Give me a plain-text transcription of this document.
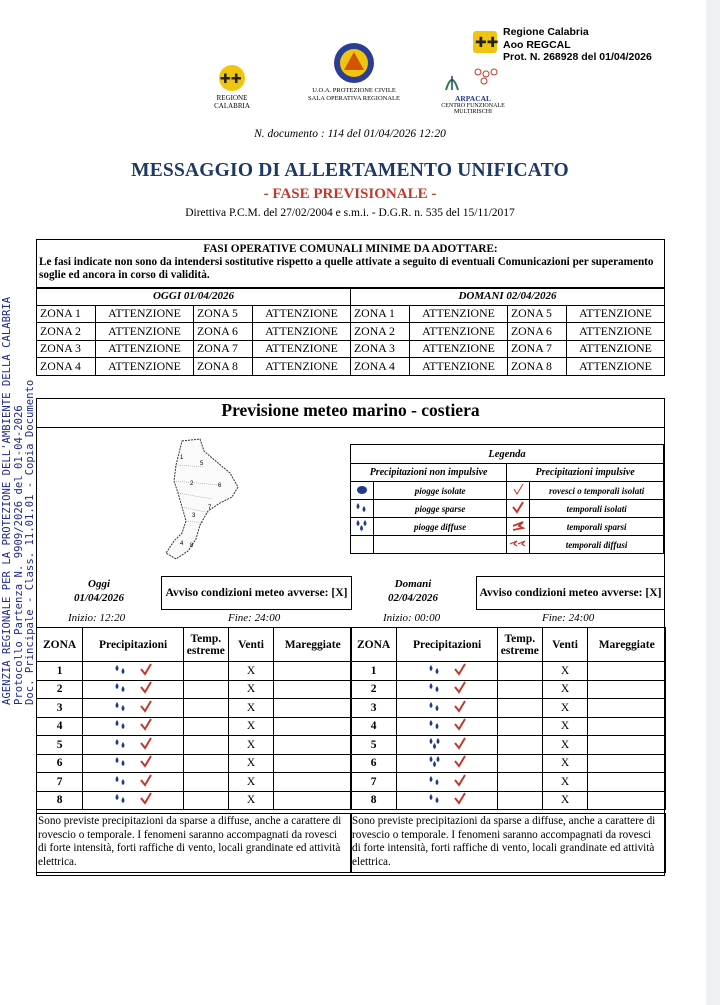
✚✚
Regione Calabria
Aoo REGCAL
Prot. N. 268928 del 01/04/2026
AGENZIA REGIONALE PER LA PROTEZIONE DELL'AMBIENTE DELLA CALABRIA Protocollo Partenza N. 9909/2026 del 01-04-2026 Doc. Principale - Class. 11.01.01 - Copia Documento
✚✚
REGIONE CALABRIA
U.O.A. PROTEZIONE CIVILE
SALA OPERATIVA REGIONALE	ARPACAL
CENTRO FUNZIONALE MULTIRISCHI
N. documento : 114 del 01/04/2026 12:20
MESSAGGIO DI ALLERTAMENTO UNIFICATO
- FASE PREVISIONALE -
Direttiva P.C.M. del 27/02/2004 e s.m.i. - D.G.R. n. 535 del 15/11/2017
FASI OPERATIVE COMUNALI MINIME DA ADOTTARE:
Le fasi indicate non sono da intendersi sostitutive rispetto a quelle attivate a seguito di eventuali Comunicazioni per superamento soglie ed ancora in corso di validità.
OGGI 01/04/2026				DOMANI 02/04/2026			
ZONA 1	ATTENZIONE	ZONA 5	ATTENZIONE	ZONA 1	ATTENZIONE	ZONA 5	ATTENZIONE
ZONA 2	ATTENZIONE	ZONA 6	ATTENZIONE	ZONA 2	ATTENZIONE	ZONA 6	ATTENZIONE
ZONA 3	ATTENZIONE	ZONA 7	ATTENZIONE	ZONA 3	ATTENZIONE	ZONA 7	ATTENZIONE
ZONA 4	ATTENZIONE	ZONA 8	ATTENZIONE	ZONA 4	ATTENZIONE	ZONA 8	ATTENZIONE
Previsione meteo marino - costiera
1
5
2	6
7
3
4 8
Legenda			
Precipitazioni non impulsive		Precipitazioni impulsive	
	piogge isolate		rovesci o temporali isolati
	piogge sparse		temporali isolati
	piogge diffuse		temporali sparsi
			temporali diffusi
Oggi
01/04/2026	Avviso condizioni meteo avverse: [X]
Inizio: 12:20	Fine: 24:00
Domani
02/04/2026	Avviso condizioni meteo avverse: [X]
Inizio: 00:00	Fine: 24:00
ZONA	Precipitazioni	Temp. estreme	Venti	Mareggiate
1			X	
2			X	
3			X	
4			X	
5			X	
6			X	
7			X	
8			X	
ZONA	Precipitazioni	Temp. estreme	Venti	Mareggiate
1			X	
2			X	
3			X	
4			X	
5			X	
6			X	
7			X	
8			X	
Sono previste precipitazioni da sparse a diffuse, anche a carattere di rovescio o temporale. I fenomeni saranno accompagnati da rovesci di forte intensità, forti raffiche di vento, locali grandinate ed attività elettrica.
Sono previste precipitazioni da sparse a diffuse, anche a carattere di rovescio o temporale. I fenomeni saranno accompagnati da rovesci di forte intensità, forti raffiche di vento, locali grandinate ed attività elettrica.
